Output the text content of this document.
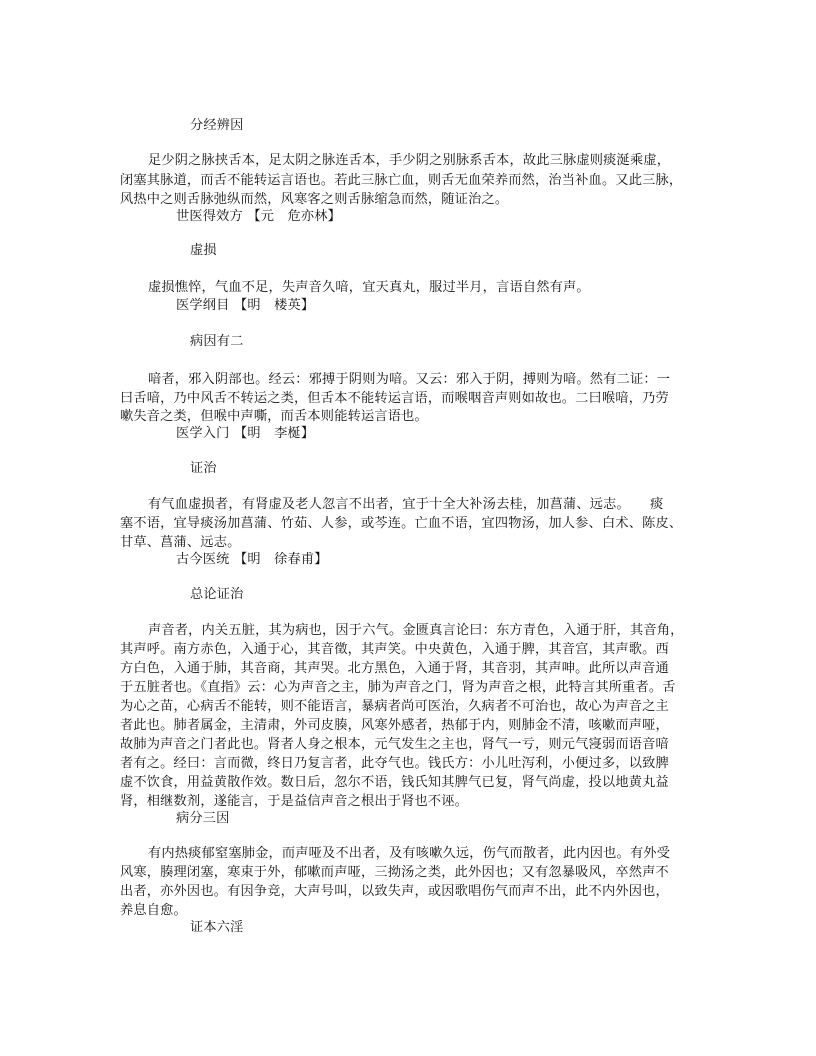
分经辨因
足少阴之脉挟舌本，足太阴之脉连舌本，手少阴之别脉系舌本，故此三脉虚则痰涎乘虚，
闭塞其脉道，而舌不能转运言语也。若此三脉亡血，则舌无血荣养而然，治当补血。又此三脉，
风热中之则舌脉弛纵而然，风寒客之则舌脉缩急而然，随证治之。
世医得效方 【元　危亦林】
虚损
虚损憔悴，气血不足，失声音久喑，宜天真丸，服过半月，言语自然有声。
医学纲目 【明　楼英】
病因有二
喑者，邪入阴部也。经云：邪搏于阴则为喑。又云：邪入于阴，搏则为喑。然有二证：一
曰舌喑，乃中风舌不转运之类，但舌本不能转运言语，而喉咽音声则如故也。二曰喉喑，乃劳
嗽失音之类，但喉中声嘶，而舌本则能转运言语也。
医学入门 【明　李梴】
证治
有气血虚损者，有肾虚及老人忽言不出者，宜于十全大补汤去桂，加菖蒲、远志。　　痰
塞不语，宜导痰汤加菖蒲、竹茹、人参，或芩连。亡血不语，宜四物汤，加人参、白术、陈皮、
甘草、菖蒲、远志。
古今医统 【明　徐春甫】
总论证治
声音者，内关五脏，其为病也，因于六气。金匮真言论曰：东方青色，入通于肝，其音角，
其声呼。南方赤色，入通于心，其音徵，其声笑。中央黄色，入通于脾，其音宫，其声歌。西
方白色，入通于肺，其音商，其声哭。北方黑色，入通于肾，其音羽，其声呻。此所以声音通
于五脏者也。《直指》云：心为声音之主，肺为声音之门，肾为声音之根，此特言其所重者。舌
为心之苗，心病舌不能转，则不能语言，暴病者尚可医治，久病者不可治也，故心为声音之主
者此也。肺者属金，主清肃，外司皮腠，风寒外感者，热郁于内，则肺金不清，咳嗽而声哑，
故肺为声音之门者此也。肾者人身之根本，元气发生之主也，肾气一亏，则元气寖弱而语音喑
者有之。经曰：言而微，终日乃复言者，此夺气也。钱氏方：小儿吐泻利，小便过多，以致脾
虚不饮食，用益黄散作效。数日后，忽尔不语，钱氏知其脾气已复，肾气尚虚，投以地黄丸益
肾，相继数剂，遂能言，于是益信声音之根出于肾也不诬。
病分三因
有内热痰郁窒塞肺金，而声哑及不出者，及有咳嗽久远，伤气而散者，此内因也。有外受
风寒，腠理闭塞，寒束于外，郁嗽而声哑，三拗汤之类，此外因也；又有忽暴吸风，卒然声不
出者，亦外因也。有因争竞，大声号叫，以致失声，或因歌唱伤气而声不出，此不内外因也，
养息自愈。
证本六淫
